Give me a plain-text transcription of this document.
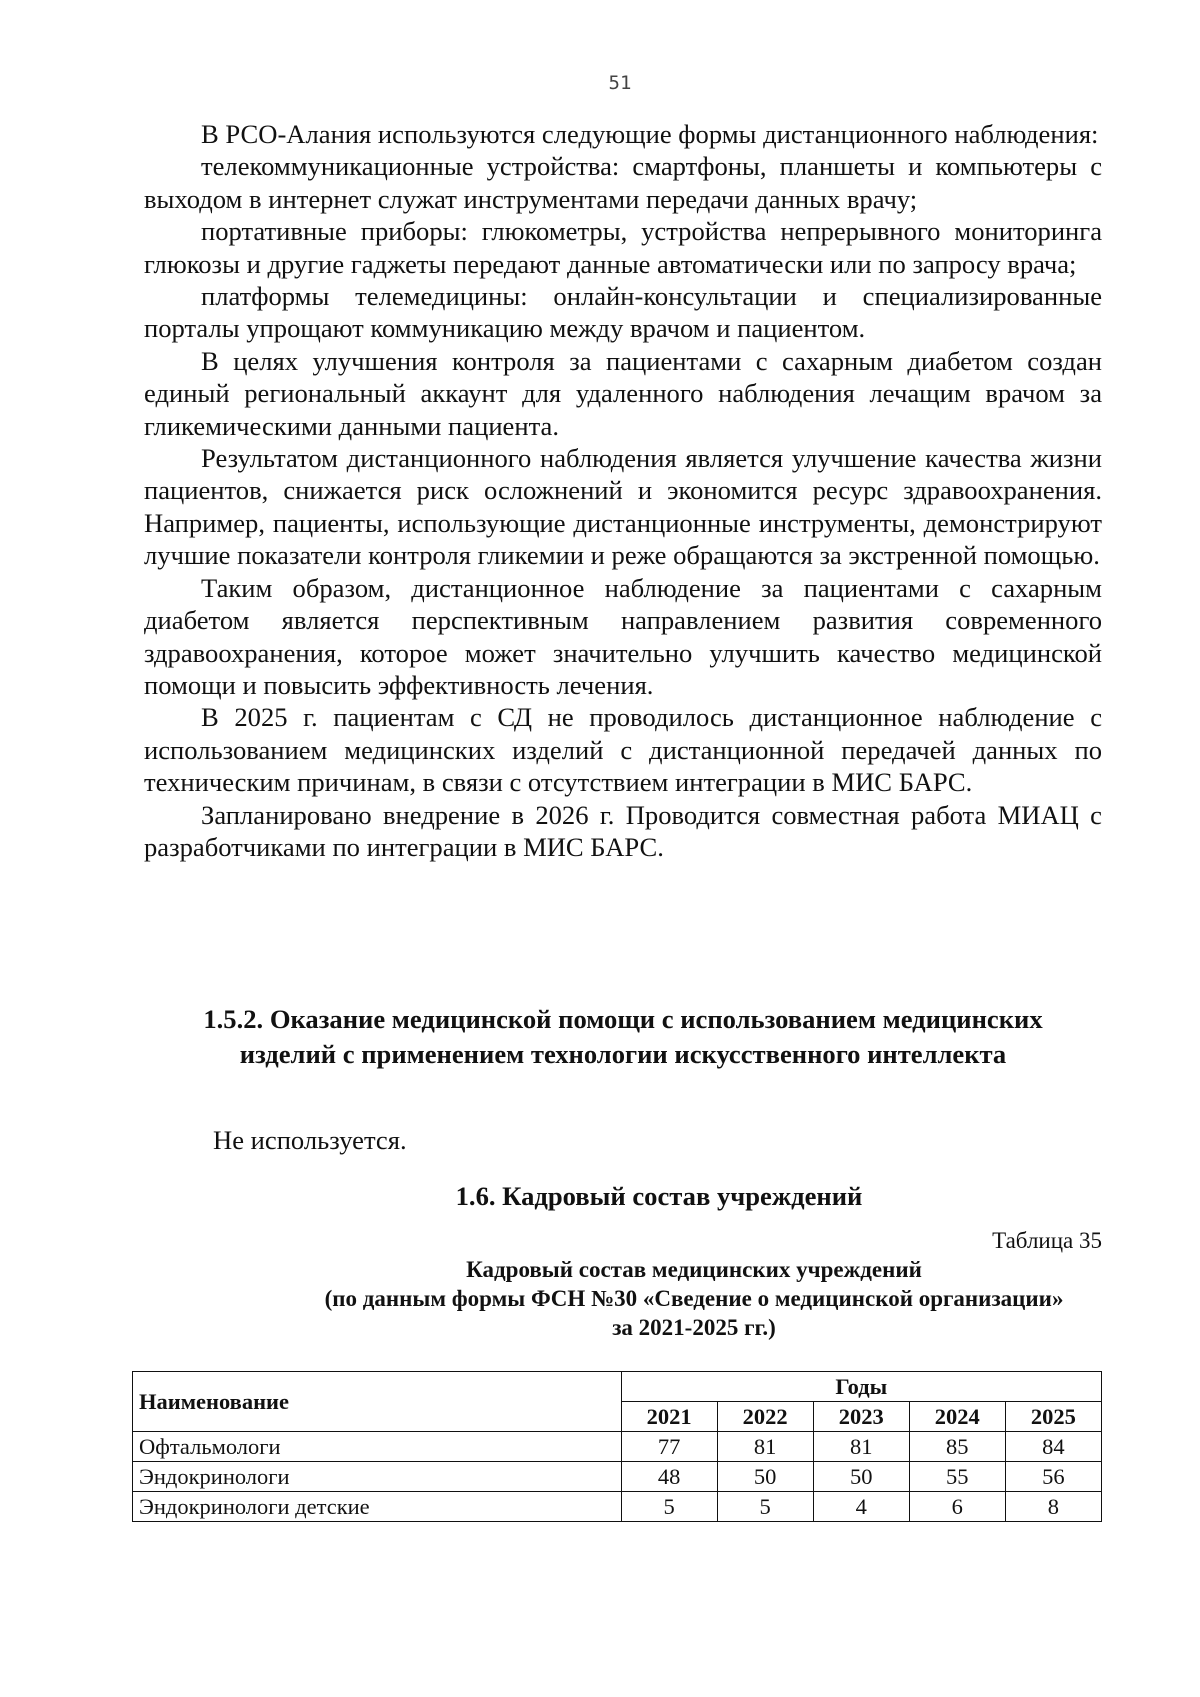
51

В РСО-Алания используются следующие формы дистанционного наблюдения:

телекоммуникационные устройства: смартфоны, планшеты и компьютеры с выходом в интернет служат инструментами передачи данных врачу;

портативные приборы: глюкометры, устройства непрерывного мониторинга глюкозы и другие гаджеты передают данные автоматически или по запросу врача;

платформы телемедицины: онлайн-консультации и специализированные порталы упрощают коммуникацию между врачом и пациентом.

В целях улучшения контроля за пациентами с сахарным диабетом создан единый региональный аккаунт для удаленного наблюдения лечащим врачом за гликемическими данными пациента.

Результатом дистанционного наблюдения является улучшение качества жизни пациентов, снижается риск осложнений и экономится ресурс здравоохранения. Например, пациенты, использующие дистанционные инструменты, демонстрируют лучшие показатели контроля гликемии и реже обращаются за экстренной помощью.

Таким образом, дистанционное наблюдение за пациентами с сахарным диабетом является перспективным направлением развития современного здравоохранения, которое может значительно улучшить качество медицинской помощи и повысить эффективность лечения.

В 2025 г. пациентам с СД не проводилось дистанционное наблюдение с использованием медицинских изделий с дистанционной передачей данных по техническим причинам, в связи с отсутствием интеграции в МИС БАРС.

Запланировано внедрение в 2026 г. Проводится совместная работа МИАЦ с разработчиками по интеграции в МИС БАРС.

1.5.2. Оказание медицинской помощи с использованием медицинских изделий с применением технологии искусственного интеллекта

Не используется.

1.6. Кадровый состав учреждений

Таблица 35

Кадровый состав медицинских учреждений
(по данным формы ФСН №30 «Сведение о медицинской организации»
за 2021-2025 гг.)

Наименование	Годы				
	2021	2022	2023	2024	2025
Офтальмологи	77	81	81	85	84
Эндокринологи	48	50	50	55	56
Эндокринологи детские	5	5	4	6	8
